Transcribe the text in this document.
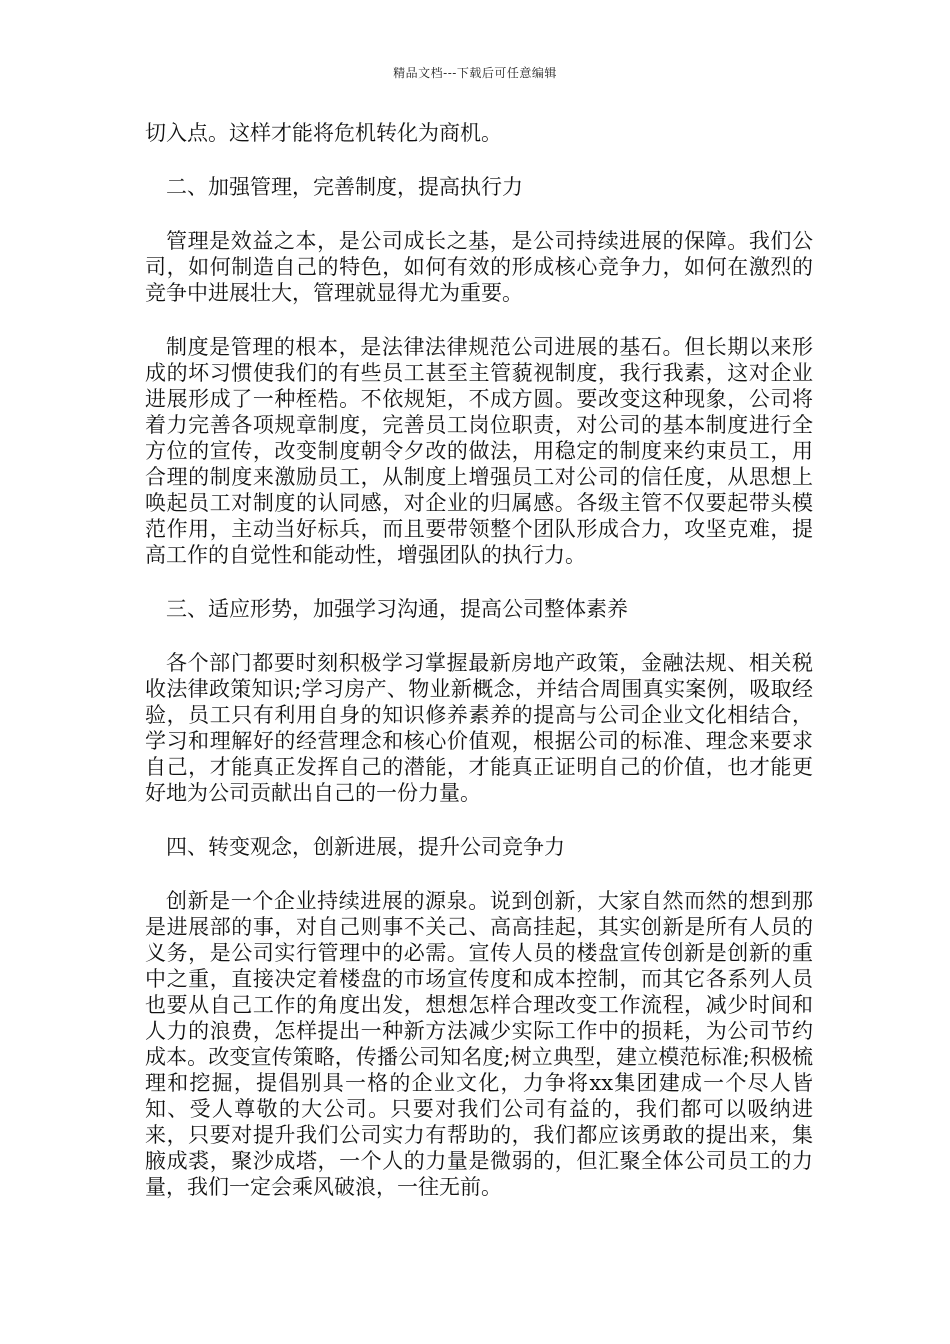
精品文档---下载后可任意编辑

切入点。这样才能将危机转化为商机。

二、加强管理，完善制度，提高执行力

管理是效益之本，是公司成长之基，是公司持续进展的保障。我们公司，如何制造自己的特色，如何有效的形成核心竞争力，如何在激烈的竞争中进展壮大，管理就显得尤为重要。

制度是管理的根本，是法律法律规范公司进展的基石。但长期以来形成的坏习惯使我们的有些员工甚至主管藐视制度，我行我素，这对企业进展形成了一种桎梏。不依规矩，不成方圆。要改变这种现象，公司将着力完善各项规章制度，完善员工岗位职责，对公司的基本制度进行全方位的宣传，改变制度朝令夕改的做法，用稳定的制度来约束员工，用合理的制度来激励员工，从制度上增强员工对公司的信任度，从思想上唤起员工对制度的认同感，对企业的归属感。各级主管不仅要起带头模范作用，主动当好标兵，而且要带领整个团队形成合力，攻坚克难，提高工作的自觉性和能动性，增强团队的执行力。

三、适应形势，加强学习沟通，提高公司整体素养

各个部门都要时刻积极学习掌握最新房地产政策，金融法规、相关税收法律政策知识;学习房产、物业新概念，并结合周围真实案例，吸取经验，员工只有利用自身的知识修养素养的提高与公司企业文化相结合，学习和理解好的经营理念和核心价值观，根据公司的标准、理念来要求自己，才能真正发挥自己的潜能，才能真正证明自己的价值，也才能更好地为公司贡献出自己的一份力量。

四、转变观念，创新进展，提升公司竞争力

创新是一个企业持续进展的源泉。说到创新，大家自然而然的想到那是进展部的事，对自己则事不关己、高高挂起，其实创新是所有人员的义务，是公司实行管理中的必需。宣传人员的楼盘宣传创新是创新的重中之重，直接决定着楼盘的市场宣传度和成本控制，而其它各系列人员也要从自己工作的角度出发，想想怎样合理改变工作流程，减少时间和人力的浪费，怎样提出一种新方法减少实际工作中的损耗，为公司节约成本。改变宣传策略，传播公司知名度;树立典型，建立模范标准;积极梳理和挖掘，提倡别具一格的企业文化，力争将xx集团建成一个尽人皆知、受人尊敬的大公司。只要对我们公司有益的，我们都可以吸纳进来，只要对提升我们公司实力有帮助的，我们都应该勇敢的提出来，集腋成裘，聚沙成塔，一个人的力量是微弱的，但汇聚全体公司员工的力量，我们一定会乘风破浪，一往无前。
